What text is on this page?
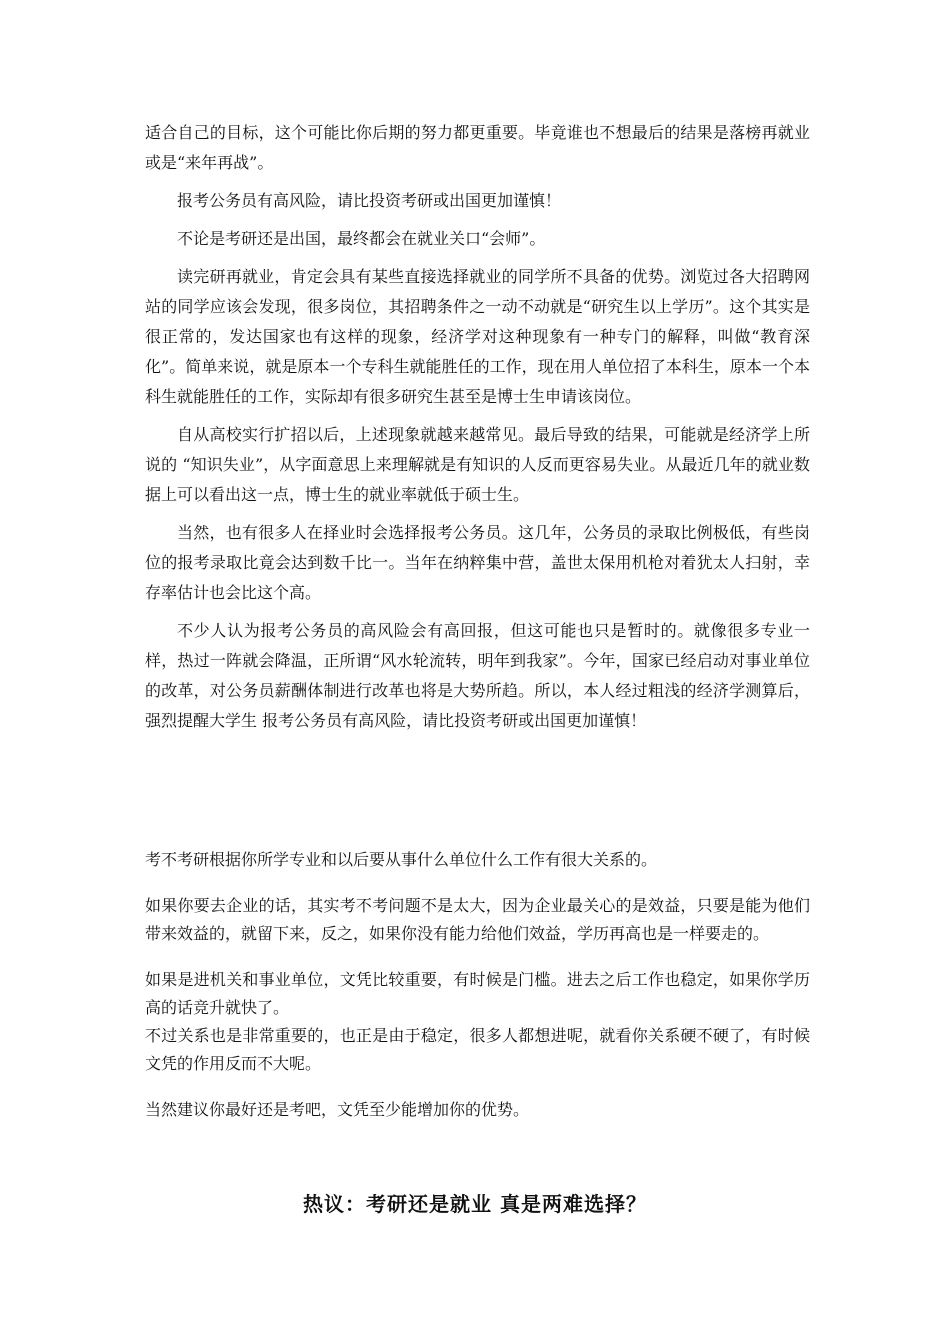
适合自己的目标，这个可能比你后期的努力都更重要。毕竟谁也不想最后的结果是落榜再就业或是“来年再战”。

报考公务员有高风险，请比投资考研或出国更加谨慎！

不论是考研还是出国，最终都会在就业关口“会师”。

读完研再就业，肯定会具有某些直接选择就业的同学所不具备的优势。浏览过各大招聘网站的同学应该会发现，很多岗位，其招聘条件之一动不动就是“研究生以上学历”。这个其实是很正常的，发达国家也有这样的现象，经济学对这种现象有一种专门的解释，叫做“教育深化”。简单来说，就是原本一个专科生就能胜任的工作，现在用人单位招了本科生，原本一个本科生就能胜任的工作，实际却有很多研究生甚至是博士生申请该岗位。

自从高校实行扩招以后，上述现象就越来越常见。最后导致的结果，可能就是经济学上所说的 “知识失业”，从字面意思上来理解就是有知识的人反而更容易失业。从最近几年的就业数据上可以看出这一点，博士生的就业率就低于硕士生。

当然，也有很多人在择业时会选择报考公务员。这几年，公务员的录取比例极低，有些岗位的报考录取比竟会达到数千比一。当年在纳粹集中营，盖世太保用机枪对着犹太人扫射，幸存率估计也会比这个高。

不少人认为报考公务员的高风险会有高回报，但这可能也只是暂时的。就像很多专业一样，热过一阵就会降温，正所谓“风水轮流转，明年到我家”。今年，国家已经启动对事业单位的改革，对公务员薪酬体制进行改革也将是大势所趋。所以，本人经过粗浅的经济学测算后，强烈提醒大学生 报考公务员有高风险，请比投资考研或出国更加谨慎！

考不考研根据你所学专业和以后要从事什么单位什么工作有很大关系的。

如果你要去企业的话，其实考不考问题不是太大，因为企业最关心的是效益，只要是能为他们带来效益的，就留下来，反之，如果你没有能力给他们效益，学历再高也是一样要走的。

如果是进机关和事业单位，文凭比较重要，有时候是门槛。进去之后工作也稳定，如果你学历高的话竞升就快了。

不过关系也是非常重要的，也正是由于稳定，很多人都想进呢，就看你关系硬不硬了，有时候文凭的作用反而不大呢。

当然建议你最好还是考吧，文凭至少能增加你的优势。

热议：考研还是就业 真是两难选择？
